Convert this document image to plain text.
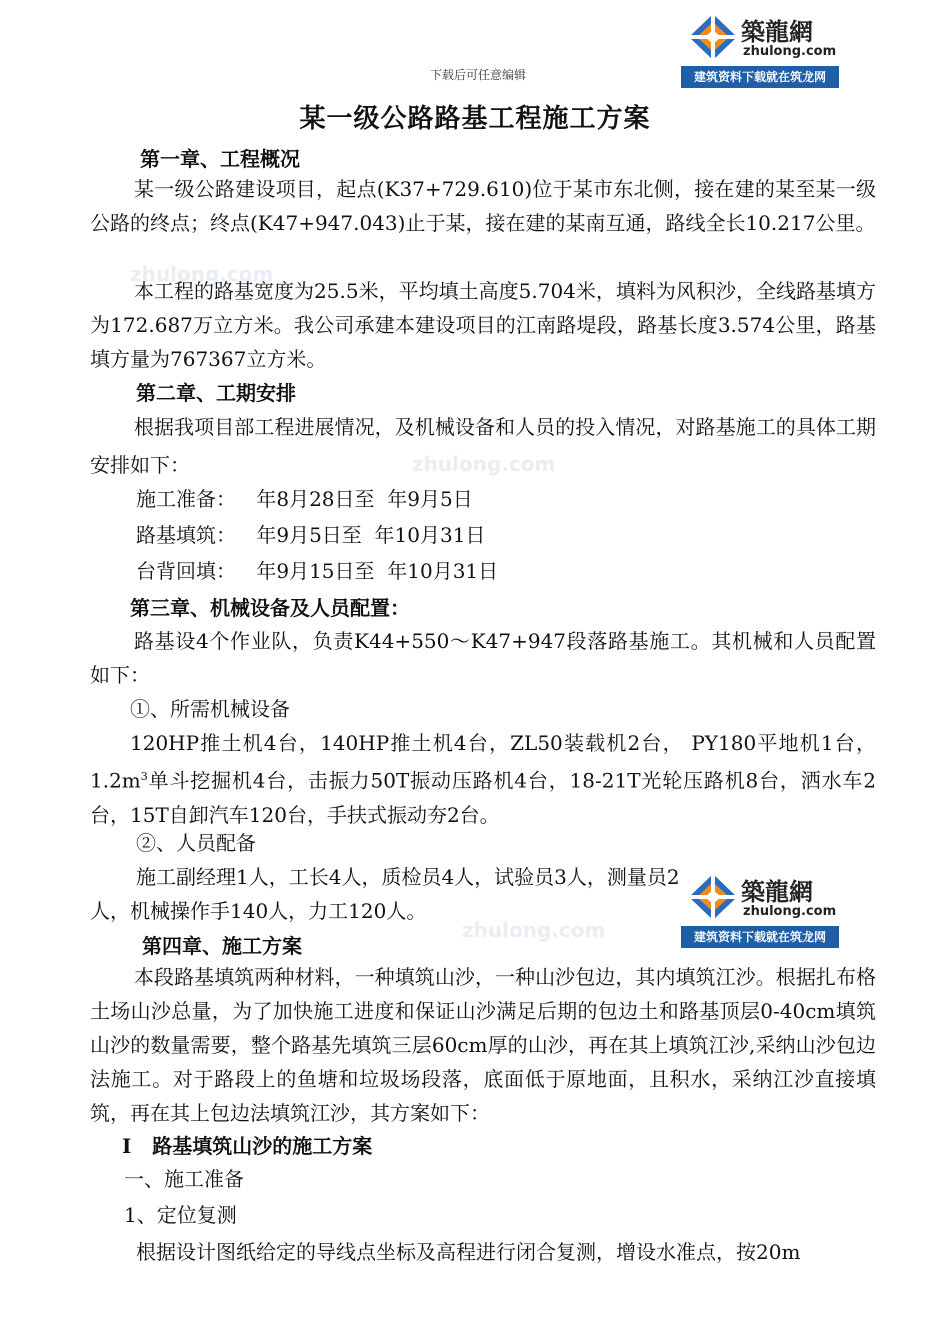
下载后可任意编辑
築龍網
zhulong.com
建筑资料下载就在筑龙网
築龍網
zhulong.com
建筑资料下载就在筑龙网
zhulong.com
zhulong.com
zhulong.com
某一级公路路基工程施工方案
第一章、工程概况
某一级公路建设项目，起点(K37+729.610)位于某市东北侧，接在建的某至某一级公路的终点；终点(K47+947.043)止于某，接在建的某南互通，路线全长10.217公里。
本工程的路基宽度为25.5米，平均填土高度5.704米，填料为风积沙，全线路基填方为172.687万立方米。我公司承建本建设项目的江南路堤段，路基长度3.574公里，路基填方量为767367立方米。
第二章、工期安排
根据我项目部工程进展情况，及机械设备和人员的投入情况，对路基施工的具体工期安排如下：
施工准备： 年8月28日至  年9月5日
路基填筑： 年9月5日至  年10月31日
台背回填： 年9月15日至  年10月31日
第三章、机械设备及人员配置：
路基设4个作业队，负责K44+550～K47+947段落路基施工。其机械和人员配置如下：
①、所需机械设备
120HP推土机4台，140HP推土机4台，ZL50装载机2台， PY180平地机1台，$1.2m^3$单斗挖掘机4台，击振力50T振动压路机4台，18-21T光轮压路机8台，洒水车2台，15T自卸汽车120台，手扶式振动夯2台。
②、人员配备
施工副经理1人，工长4人，质检员4人，试验员3人，测量员2人，机械操作手140人，力工120人。
第四章、施工方案
本段路基填筑两种材料，一种填筑山沙，一种山沙包边，其内填筑江沙。根据扎布格土场山沙总量，为了加快施工进度和保证山沙满足后期的包边土和路基顶层0-40cm填筑山沙的数量需要，整个路基先填筑三层60cm厚的山沙，再在其上填筑江沙,采纳山沙包边法施工。对于路段上的鱼塘和垃圾场段落，底面低于原地面，且积水，采纳江沙直接填筑，再在其上包边法填筑江沙，其方案如下：
Ⅰ   路基填筑山沙的施工方案
一、施工准备
1、定位复测
根据设计图纸给定的导线点坐标及高程进行闭合复测，增设水准点，按20m
